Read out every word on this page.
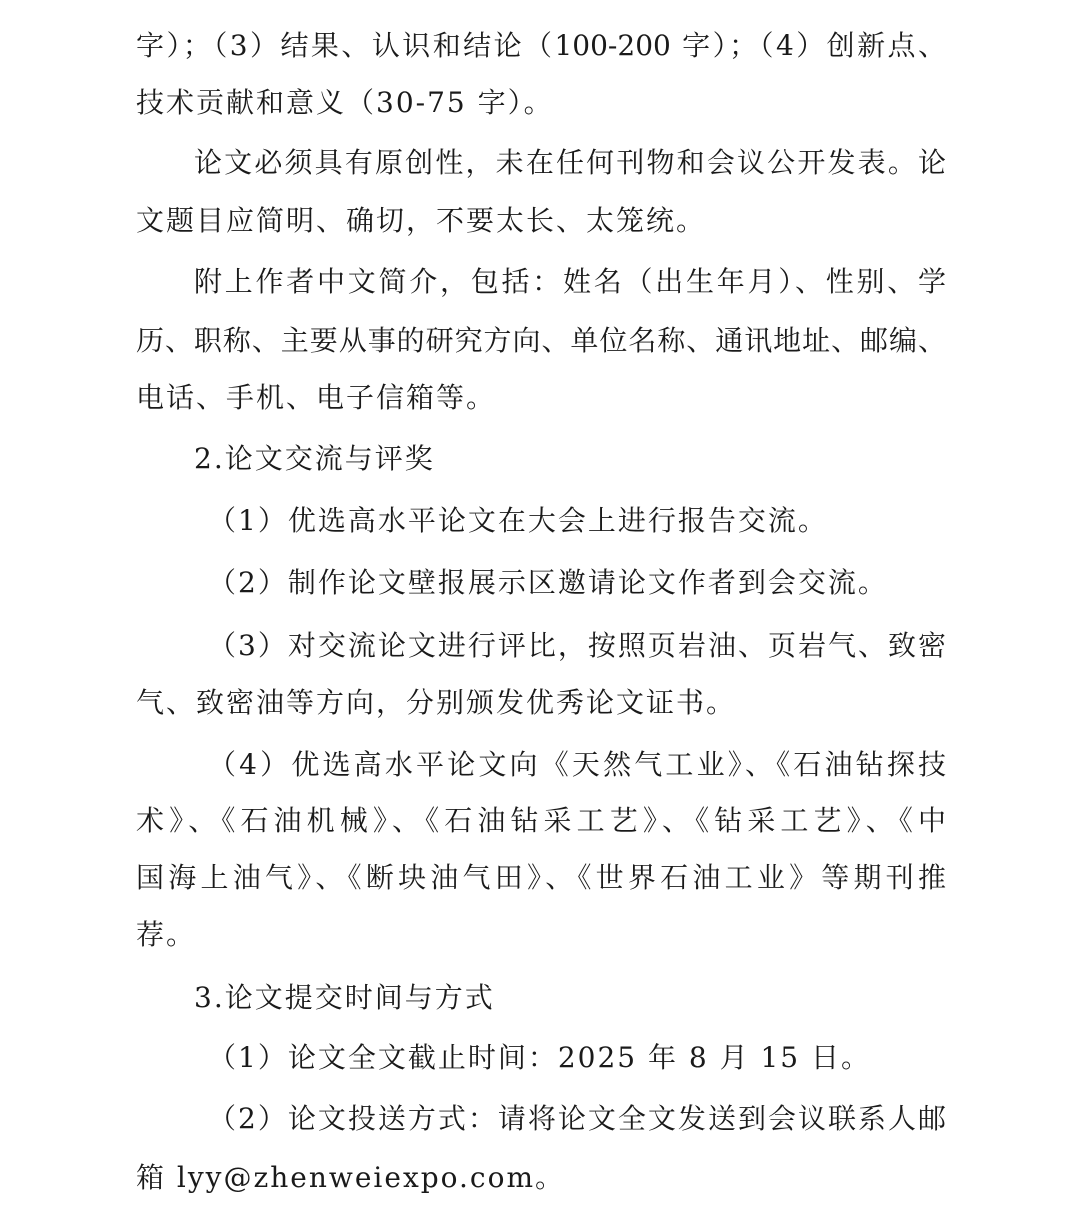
字）；（3）结果、认识和结论（100-200 字）；（4）创新点、
技术贡献和意义（30-75 字）。
论文必须具有原创性，未在任何刊物和会议公开发表。论
文题目应简明、确切，不要太长、太笼统。
附上作者中文简介，包括：姓名（出生年月）、性别、学
历、职称、主要从事的研究方向、单位名称、通讯地址、邮编、
电话、手机、电子信箱等。
2.论文交流与评奖
（1）优选高水平论文在大会上进行报告交流。
（2）制作论文壁报展示区邀请论文作者到会交流。
（3）对交流论文进行评比，按照页岩油、页岩气、致密
气、致密油等方向，分别颁发优秀论文证书。
（4）优选高水平论文向《天然气工业》、《石油钻探技
术》、《石油机械》、《石油钻采工艺》、《钻采工艺》、《中
国海上油气》、《断块油气田》、《世界石油工业》等期刊推
荐。
3.论文提交时间与方式
（1）论文全文截止时间：2025 年 8 月 15 日。
（2）论文投送方式：请将论文全文发送到会议联系人邮
箱 lyy@zhenweiexpo.com。
